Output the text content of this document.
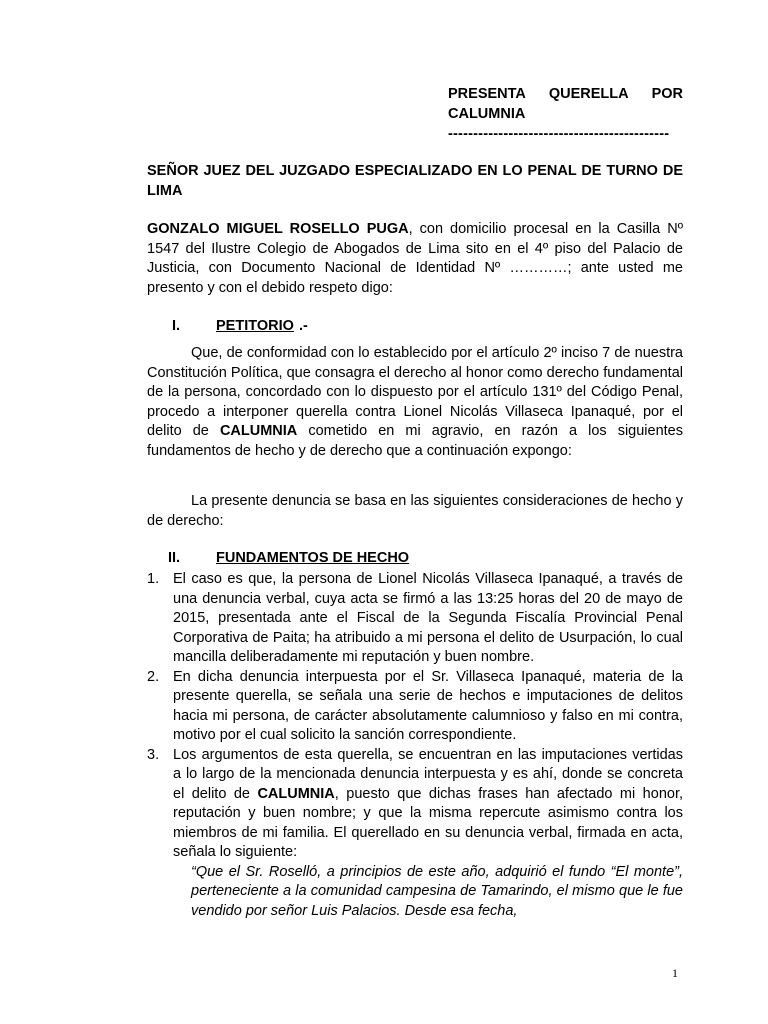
PRESENTA QUERELLA POR
CALUMNIA
--------------------------------------------
SEÑOR JUEZ DEL JUZGADO ESPECIALIZADO EN LO PENAL DE TURNO DE LIMA
GONZALO MIGUEL ROSELLO PUGA, con domicilio procesal en la Casilla Nº 1547 del Ilustre Colegio de Abogados de Lima sito en el 4º piso del Palacio de Justicia, con Documento Nacional de Identidad Nº …………; ante usted me presento y con el debido respeto digo:
I. PETITORIO .-
Que, de conformidad con lo establecido por el artículo 2º inciso 7 de nuestra Constitución Política, que consagra el derecho al honor como derecho fundamental de la persona, concordado con lo dispuesto por el artículo 131º del Código Penal, procedo a interponer querella contra Lionel Nicolás Villaseca Ipanaqué, por el delito de CALUMNIA cometido en mi agravio, en razón a los siguientes fundamentos de hecho y de derecho que a continuación expongo:
La presente denuncia se basa en las siguientes consideraciones de hecho y de derecho:
II. FUNDAMENTOS DE HECHO
1. El caso es que, la persona de Lionel Nicolás Villaseca Ipanaqué, a través de una denuncia verbal, cuya acta se firmó a las 13:25 horas del 20 de mayo de 2015, presentada ante el Fiscal de la Segunda Fiscalía Provincial Penal Corporativa de Paita; ha atribuido a mi persona el delito de Usurpación, lo cual mancilla deliberadamente mi reputación y buen nombre.
2. En dicha denuncia interpuesta por el Sr. Villaseca Ipanaqué, materia de la presente querella, se señala una serie de hechos e imputaciones de delitos hacia mi persona, de carácter absolutamente calumnioso y falso en mi contra, motivo por el cual solicito la sanción correspondiente.
3. Los argumentos de esta querella, se encuentran en las imputaciones vertidas a lo largo de la mencionada denuncia interpuesta y es ahí, donde se concreta el delito de CALUMNIA, puesto que dichas frases han afectado mi honor, reputación y buen nombre; y que la misma repercute asimismo contra los miembros de mi familia. El querellado en su denuncia verbal, firmada en acta, señala lo siguiente:
“Que el Sr. Roselló, a principios de este año, adquirió el fundo “El monte”, perteneciente a la comunidad campesina de Tamarindo, el mismo que le fue vendido por señor Luis Palacios. Desde esa fecha,
1
